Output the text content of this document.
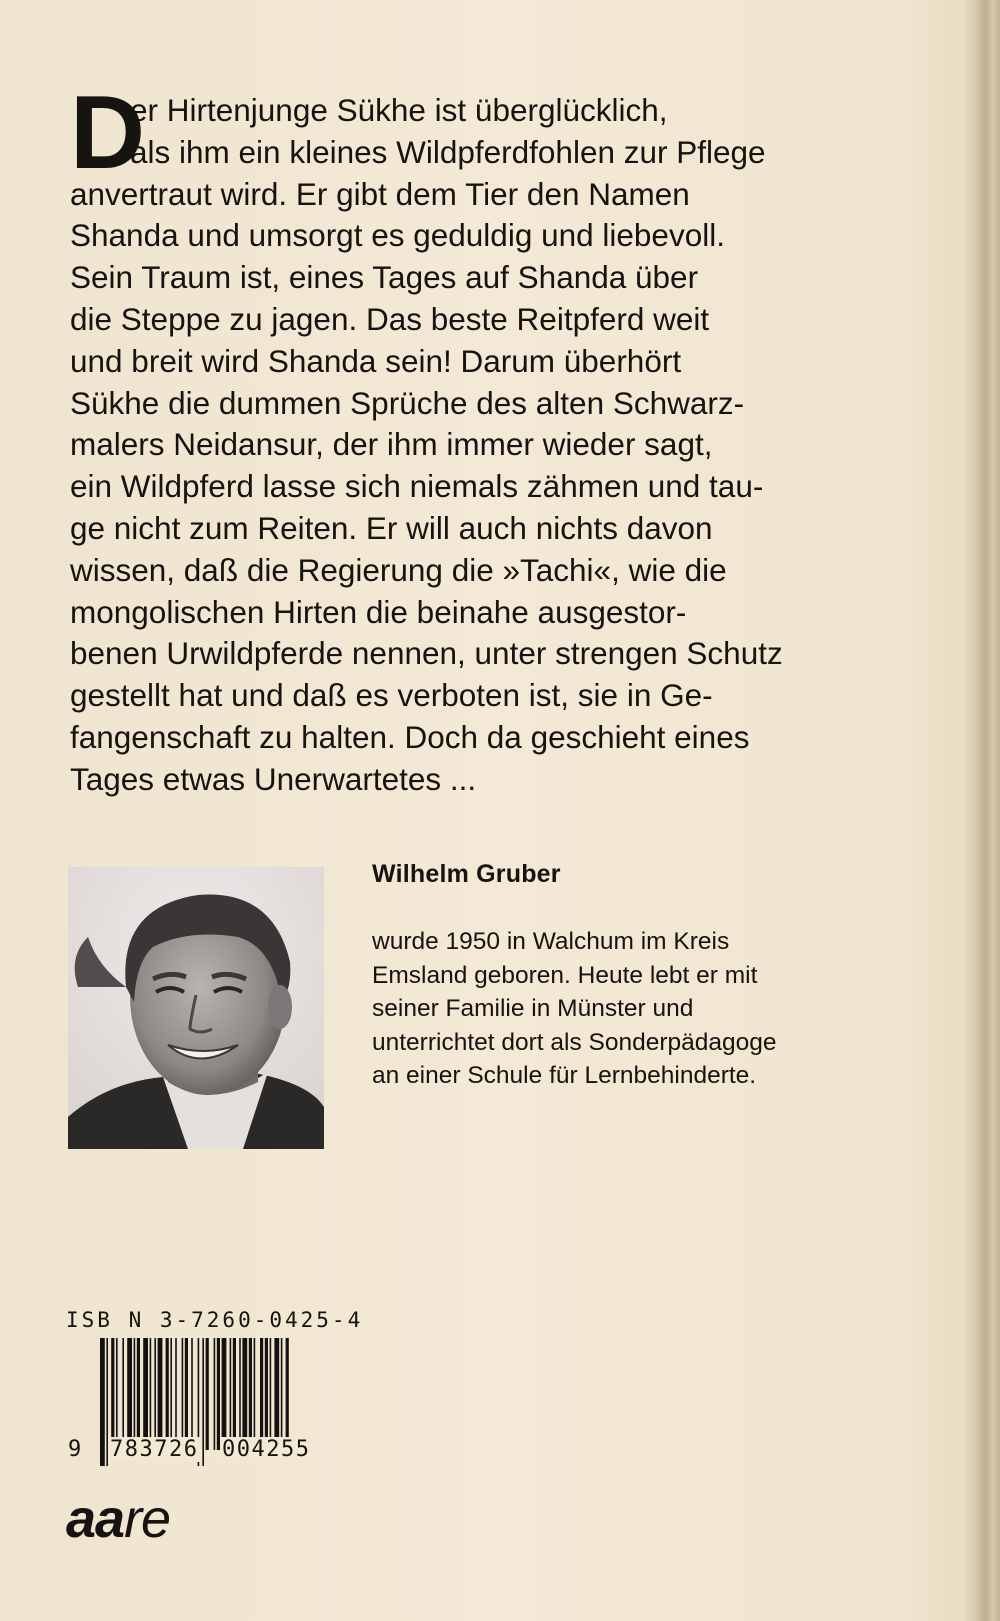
D
er Hirtenjunge Sükhe ist überglücklich,
als ihm ein kleines Wildpferdfohlen zur Pflege
anvertraut wird. Er gibt dem Tier den Namen
Shanda und umsorgt es geduldig und liebevoll.
Sein Traum ist, eines Tages auf Shanda über
die Steppe zu jagen. Das beste Reitpferd weit
und breit wird Shanda sein! Darum überhört
Sükhe die dummen Sprüche des alten Schwarz-
malers Neidansur, der ihm immer wieder sagt,
ein Wildpferd lasse sich niemals zähmen und tau-
ge nicht zum Reiten. Er will auch nichts davon
wissen, daß die Regierung die »Tachi«, wie die
mongolischen Hirten die beinahe ausgestor-
benen Urwildpferde nennen, unter strengen Schutz
gestellt hat und daß es verboten ist, sie in Ge-
fangenschaft zu halten. Doch da geschieht eines
Tages etwas Unerwartetes ...
Wilhelm Gruber
wurde 1950 in Walchum im Kreis
Emsland geboren. Heute lebt er mit
seiner Familie in Münster und
unterrichtet dort als Sonderpädagoge
an einer Schule für Lernbehinderte.
ISB N 3-7260-0425-4
9 783726 004255
aare
